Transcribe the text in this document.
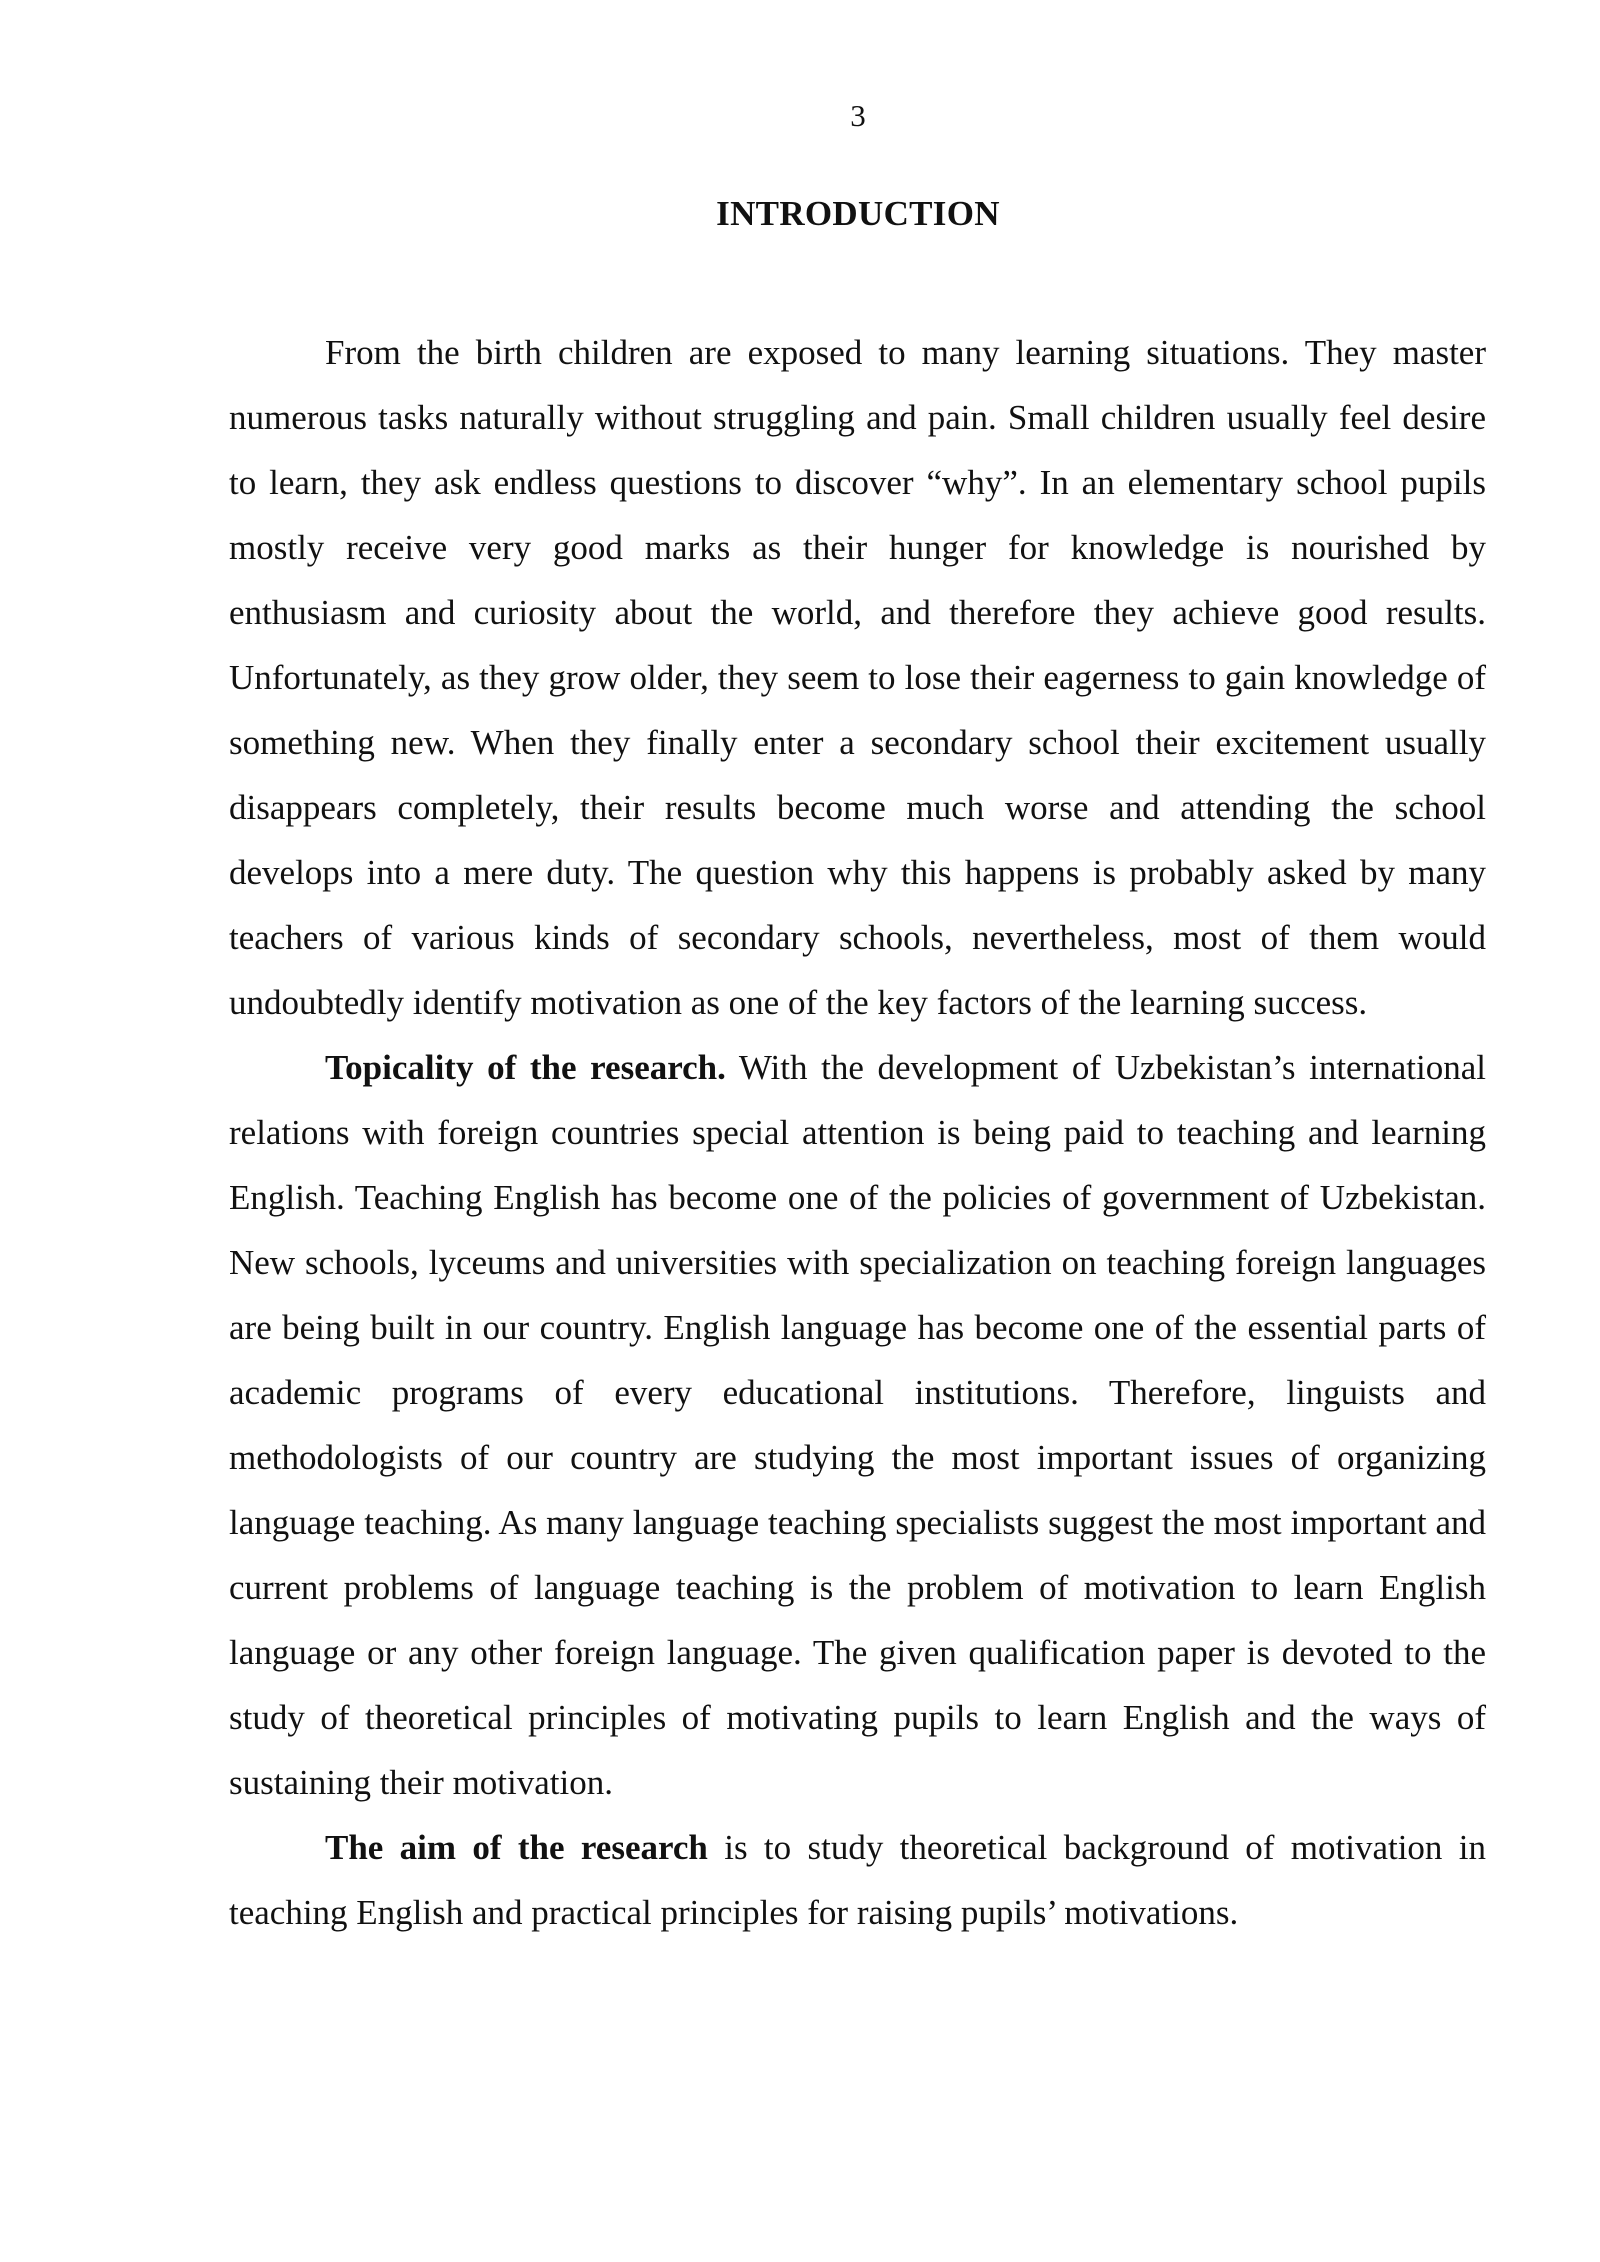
3
INTRODUCTION

From the birth children are exposed to many learning situations. They master numerous tasks naturally without struggling and pain. Small children usually feel desire to learn, they ask endless questions to discover “why”. In an elementary school pupils mostly receive very good marks as their hunger for knowledge is nourished by enthusiasm and curiosity about the world, and therefore they achieve good results. Unfortunately, as they grow older, they seem to lose their eagerness to gain knowledge of something new. When they finally enter a secondary school their excitement usually disappears completely, their results become much worse and attending the school develops into a mere duty. The question why this happens is probably asked by many teachers of various kinds of secondary schools, nevertheless, most of them would undoubtedly identify motivation as one of the key factors of the learning success.

Topicality of the research. With the development of Uzbekistan’s international relations with foreign countries special attention is being paid to teaching and learning English. Teaching English has become one of the policies of government of Uzbekistan. New schools, lyceums and universities with specialization on teaching foreign languages are being built in our country. English language has become one of the essential parts of academic programs of every educational institutions. Therefore, linguists and methodologists of our country are studying the most important issues of organizing language teaching. As many language teaching specialists suggest the most important and current problems of language teaching is the problem of motivation to learn English language or any other foreign language. The given qualification paper is devoted to the study of theoretical principles of motivating pupils to learn English and the ways of sustaining their motivation.

The aim of the research is to study theoretical background of motivation in teaching English and practical principles for raising pupils’ motivations.
